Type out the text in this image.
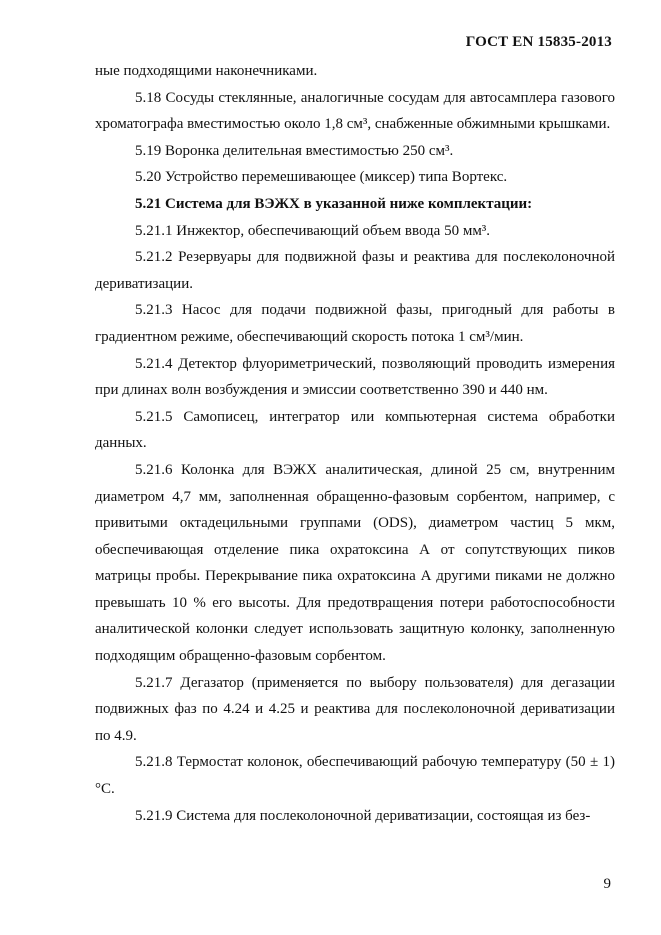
ГОСТ EN 15835-2013

ные подходящими наконечниками.

5.18 Сосуды стеклянные, аналогичные сосудам для автосамплера газового хроматографа вместимостью около 1,8 см³, снабженные обжимными крышками.

5.19 Воронка делительная вместимостью 250 см³.

5.20 Устройство перемешивающее (миксер) типа Вортекс.

5.21 Система для ВЭЖХ в указанной ниже комплектации:

5.21.1 Инжектор, обеспечивающий объем ввода 50 мм³.

5.21.2 Резервуары для подвижной фазы и реактива для послеколоночной дериватизации.

5.21.3 Насос для подачи подвижной фазы, пригодный для работы в градиентном режиме, обеспечивающий скорость потока 1 см³/мин.

5.21.4 Детектор флуориметрический, позволяющий проводить измерения при длинах волн возбуждения и эмиссии соответственно 390 и 440 нм.

5.21.5 Самописец, интегратор или компьютерная система обработки данных.

5.21.6 Колонка для ВЭЖХ аналитическая, длиной 25 см, внутренним диаметром 4,7 мм, заполненная обращенно-фазовым сорбентом, например, с привитыми октадецильными группами (ODS), диаметром частиц 5 мкм, обеспечивающая отделение пика охратоксина А от сопутствующих пиков матрицы пробы. Перекрывание пика охратоксина А другими пиками не должно превышать 10 % его высоты. Для предотвращения потери работоспособности аналитической колонки следует использовать защитную колонку, заполненную подходящим обращенно-фазовым сорбентом.

5.21.7 Дегазатор (применяется по выбору пользователя) для дегазации подвижных фаз по 4.24 и 4.25 и реактива для послеколоночной дериватизации по 4.9.

5.21.8 Термостат колонок, обеспечивающий рабочую температуру (50 ± 1) °С.

5.21.9 Система для послеколоночной дериватизации, состоящая из без-

9
